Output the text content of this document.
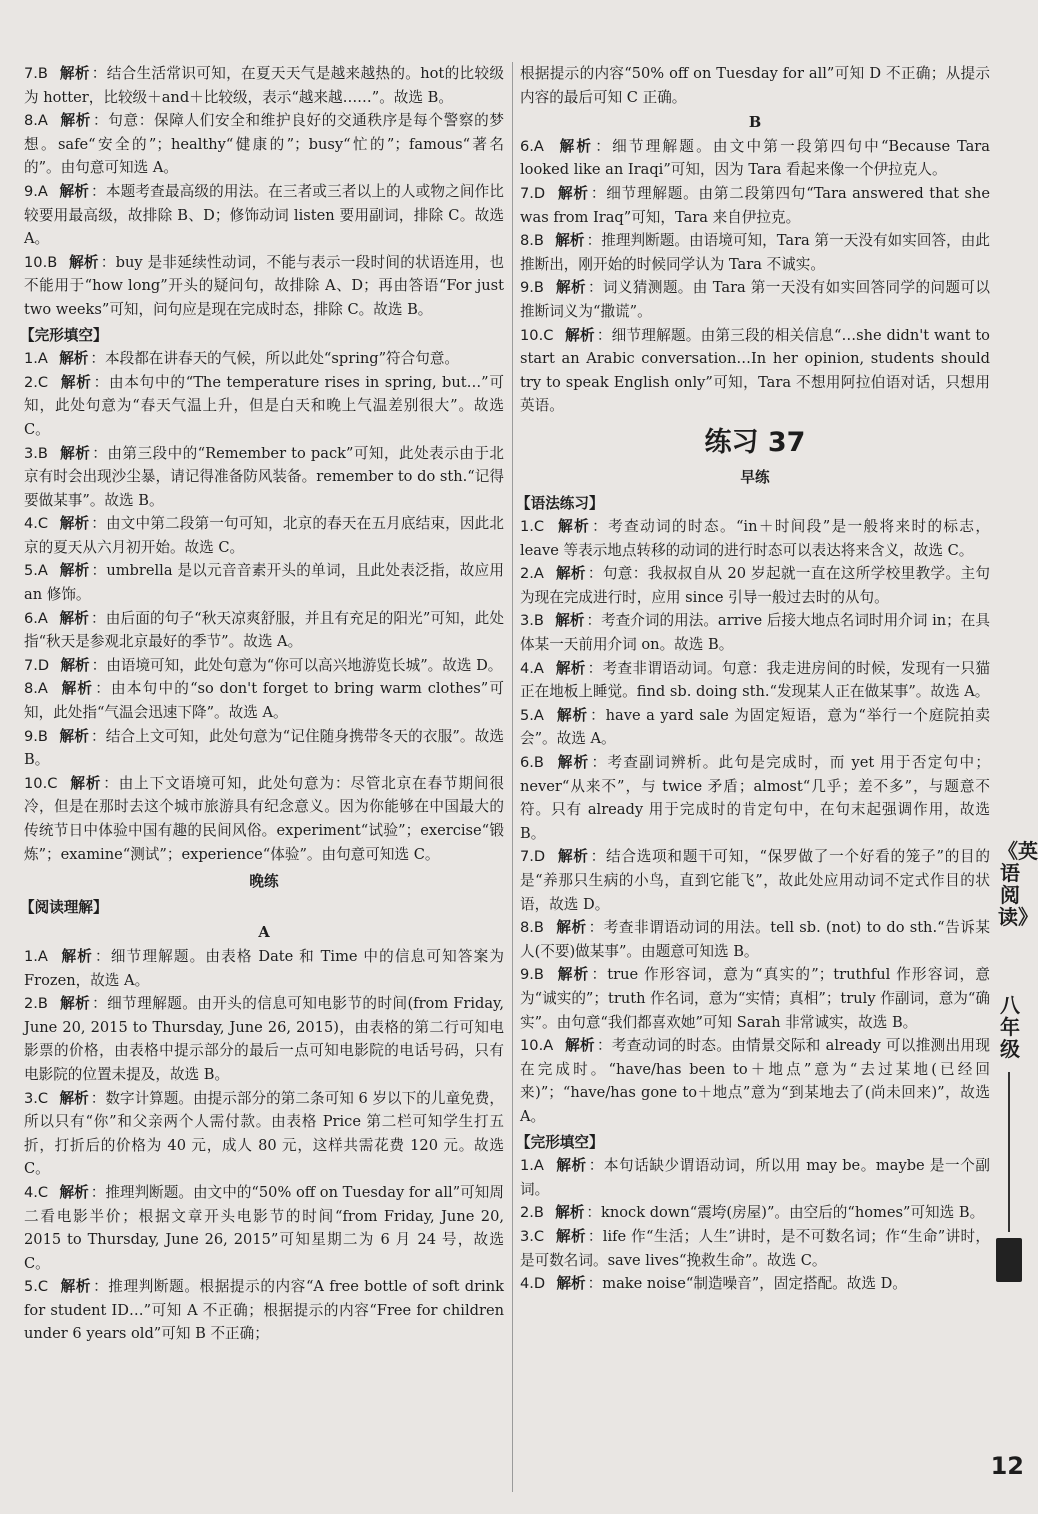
7.B 解析 ：结合生活常识可知，在夏天天气是越来越热的。hot的比较级为 hotter，比较级＋and＋比较级，表示“越来越……”。故选 B。
8.A 解析 ：句意：保障人们安全和维护良好的交通秩序是每个警察的梦想。safe“安全的”；healthy“健康的”；busy“忙的”；famous“著名的”。由句意可知选 A。
9.A 解析 ：本题考查最高级的用法。在三者或三者以上的人或物之间作比较要用最高级，故排除 B、D；修饰动词 listen 要用副词，排除 C。故选 A。
10.B 解析 ：buy 是非延续性动词，不能与表示一段时间的状语连用，也不能用于“how long”开头的疑问句，故排除 A、D；再由答语“For just two weeks”可知，问句应是现在完成时态，排除 C。故选 B。
【完形填空】
1.A 解析 ：本段都在讲春天的气候，所以此处“spring”符合句意。
2.C 解析 ：由本句中的“The temperature rises in spring, but…”可知，此处句意为“春天气温上升，但是白天和晚上气温差别很大”。故选 C。
3.B 解析 ：由第三段中的“Remember to pack”可知，此处表示由于北京有时会出现沙尘暴，请记得准备防风装备。remember to do sth.“记得要做某事”。故选 B。
4.C 解析 ：由文中第二段第一句可知，北京的春天在五月底结束，因此北京的夏天从六月初开始。故选 C。
5.A 解析 ：umbrella 是以元音音素开头的单词，且此处表泛指，故应用 an 修饰。
6.A 解析 ：由后面的句子“秋天凉爽舒服，并且有充足的阳光”可知，此处指“秋天是参观北京最好的季节”。故选 A。
7.D 解析 ：由语境可知，此处句意为“你可以高兴地游览长城”。故选 D。
8.A 解析 ：由本句中的“so don't forget to bring warm clothes”可知，此处指“气温会迅速下降”。故选 A。
9.B 解析 ：结合上文可知，此处句意为“记住随身携带冬天的衣服”。故选 B。
10.C 解析 ：由上下文语境可知，此处句意为：尽管北京在春节期间很冷，但是在那时去这个城市旅游具有纪念意义。因为你能够在中国最大的传统节日中体验中国有趣的民间风俗。experiment“试验”；exercise“锻炼”；examine“测试”；experience“体验”。由句意可知选 C。
晚练
【阅读理解】
A
1.A 解析 ：细节理解题。由表格 Date 和 Time 中的信息可知答案为 Frozen，故选 A。
2.B 解析 ：细节理解题。由开头的信息可知电影节的时间(from Friday, June 20, 2015 to Thursday, June 26, 2015)，由表格的第二行可知电影票的价格，由表格中提示部分的最后一点可知电影院的电话号码，只有电影院的位置未提及，故选 B。
3.C 解析 ：数字计算题。由提示部分的第二条可知 6 岁以下的儿童免费，所以只有“你”和父亲两个人需付款。由表格 Price 第二栏可知学生打五折，打折后的价格为 40 元，成人 80 元，这样共需花费 120 元。故选 C。
4.C 解析 ：推理判断题。由文中的“50% off on Tuesday for all”可知周二看电影半价；根据文章开头电影节的时间“from Friday, June 20, 2015 to Thursday, June 26, 2015”可知星期二为 6 月 24 号，故选 C。
5.C 解析 ：推理判断题。根据提示的内容“A free bottle of soft drink for student ID…”可知 A 不正确；根据提示的内容“Free for children under 6 years old”可知 B 不正确；
根据提示的内容“50% off on Tuesday for all”可知 D 不正确；从提示内容的最后可知 C 正确。
B
6.A 解析 ：细节理解题。由文中第一段第四句中“Because Tara looked like an Iraqi”可知，因为 Tara 看起来像一个伊拉克人。
7.D 解析 ：细节理解题。由第二段第四句“Tara answered that she was from Iraq”可知，Tara 来自伊拉克。
8.B 解析 ：推理判断题。由语境可知，Tara 第一天没有如实回答，由此推断出，刚开始的时候同学认为 Tara 不诚实。
9.B 解析 ：词义猜测题。由 Tara 第一天没有如实回答同学的问题可以推断词义为“撒谎”。
10.C 解析 ：细节理解题。由第三段的相关信息“…she didn't want to start an Arabic conversation…In her opinion, students should try to speak English only”可知，Tara 不想用阿拉伯语对话，只想用英语。
练习 37
早练
【语法练习】
1.C 解析 ：考查动词的时态。“in＋时间段”是一般将来时的标志，leave 等表示地点转移的动词的进行时态可以表达将来含义，故选 C。
2.A 解析 ：句意：我叔叔自从 20 岁起就一直在这所学校里教学。主句为现在完成进行时，应用 since 引导一般过去时的从句。
3.B 解析 ：考查介词的用法。arrive 后接大地点名词时用介词 in；在具体某一天前用介词 on。故选 B。
4.A 解析 ：考查非谓语动词。句意：我走进房间的时候，发现有一只猫正在地板上睡觉。find sb. doing sth.“发现某人正在做某事”。故选 A。
5.A 解析 ：have a yard sale 为固定短语，意为“举行一个庭院拍卖会”。故选 A。
6.B 解析 ：考查副词辨析。此句是完成时，而 yet 用于否定句中；never“从来不”，与 twice 矛盾；almost“几乎；差不多”，与题意不符。只有 already 用于完成时的肯定句中，在句末起强调作用，故选 B。
7.D 解析 ：结合选项和题干可知，“保罗做了一个好看的笼子”的目的是“养那只生病的小鸟，直到它能飞”，故此处应用动词不定式作目的状语，故选 D。
8.B 解析 ：考查非谓语动词的用法。tell sb. (not) to do sth.“告诉某人(不要)做某事”。由题意可知选 B。
9.B 解析 ：true 作形容词，意为“真实的”；truthful 作形容词，意为“诚实的”；truth 作名词，意为“实情；真相”；truly 作副词，意为“确实”。由句意“我们都喜欢她”可知 Sarah 非常诚实，故选 B。
10.A 解析 ：考查动词的时态。由情景交际和 already 可以推测出用现在完成时。“have/has been to＋地点”意为“去过某地(已经回来)”；“have/has gone to＋地点”意为“到某地去了(尚未回来)”，故选 A。
【完形填空】
1.A 解析 ：本句话缺少谓语动词，所以用 may be。maybe 是一个副词。
2.B 解析 ：knock down“震垮(房屋)”。由空后的“homes”可知选 B。
3.C 解析 ：life 作“生活；人生”讲时，是不可数名词；作“生命”讲时，是可数名词。save lives“挽救生命”。故选 C。
4.D 解析 ：make noise“制造噪音”，固定搭配。故选 D。
《英语阅读》
八年级
12
